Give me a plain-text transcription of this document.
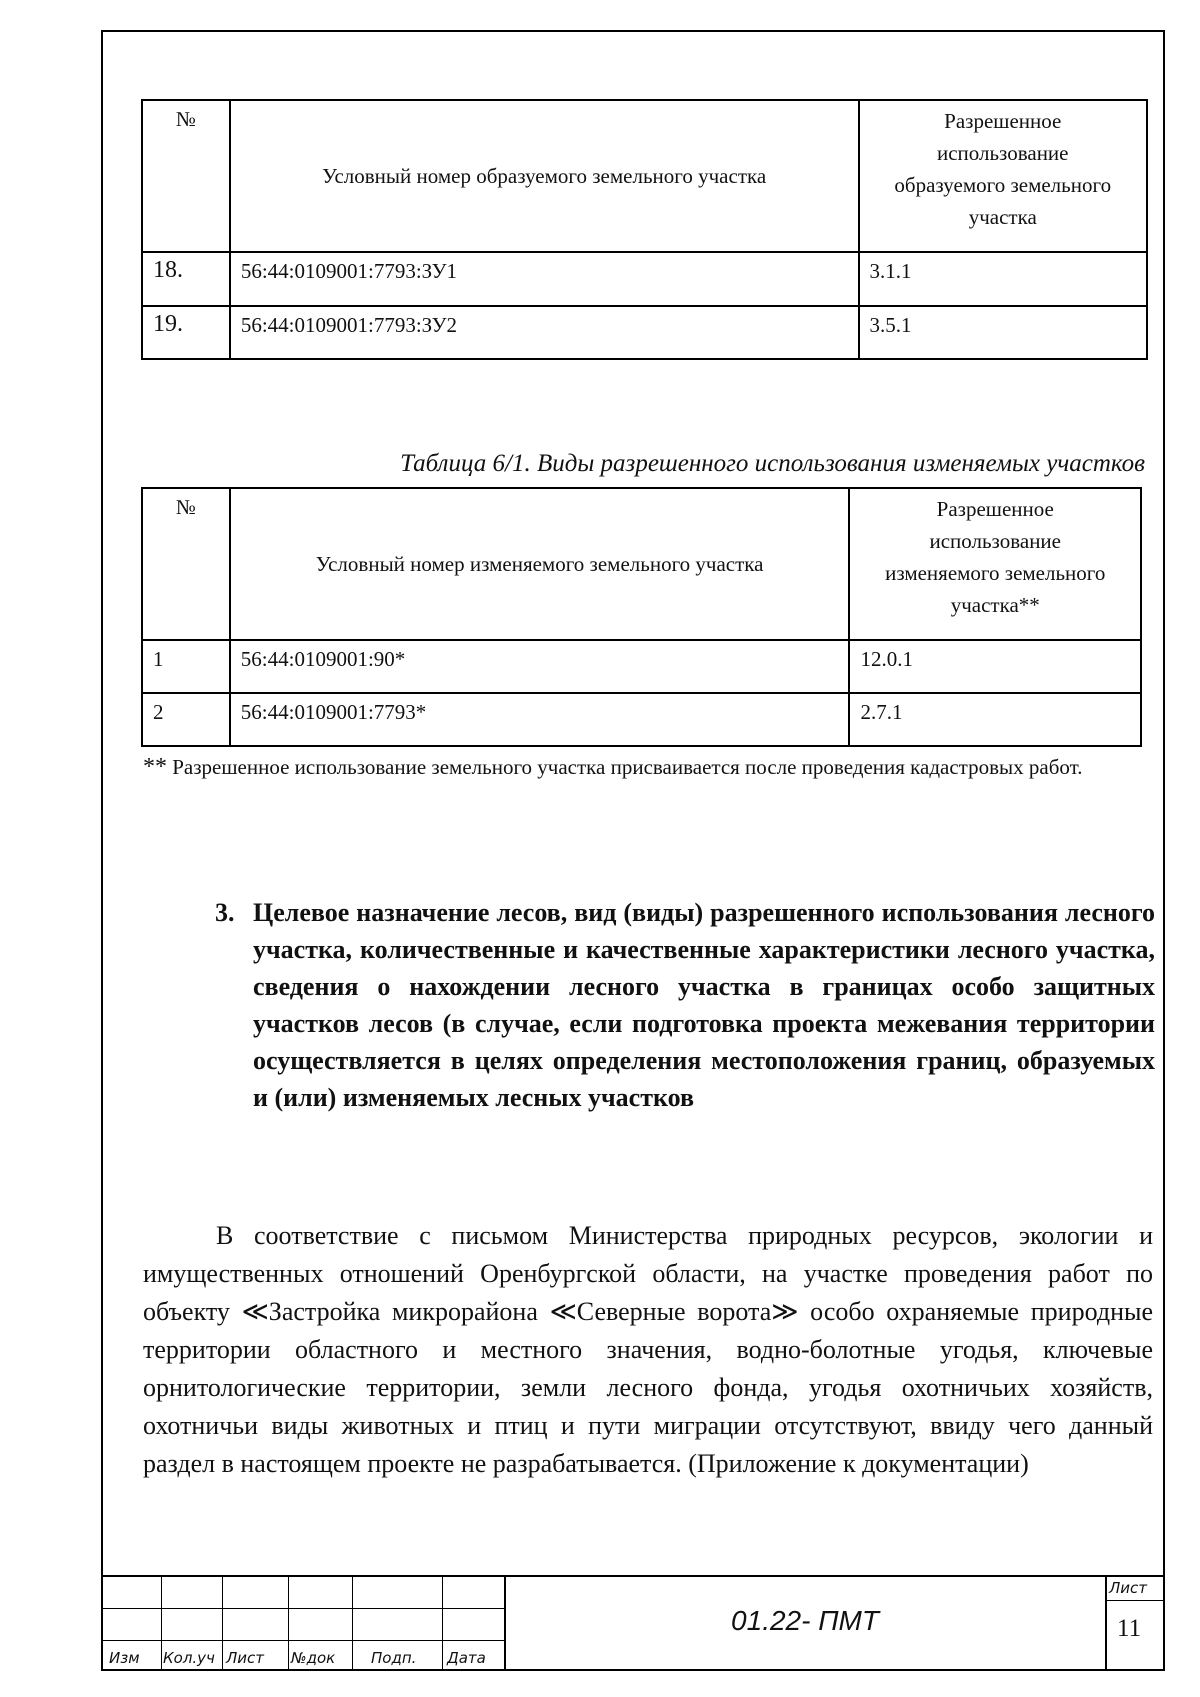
№	Условный номер образуемого земельного участка	Разрешенное
использование
образуемого земельного
участка

18.	56:44:0109001:7793:ЗУ1	3.1.1
19.	56:44:0109001:7793:ЗУ2	3.5.1
Таблица 6/1. Виды разрешенного использования изменяемых участков
№	Условный номер изменяемого земельного участка	Разрешенное
использование
изменяемого земельного
участка**

1	56:44:0109001:90*	12.0.1
2	56:44:0109001:7793*	2.7.1
** Разрешенное использование земельного участка присваивается после проведения кадастровых работ.
3. Целевое назначение лесов, вид (виды) разрешенного использования лесного участка, количественные и качественные характеристики лесного участка, сведения о нахождении лесного участка в границах особо защитных участков лесов (в случае, если подготовка проекта межевания территории осуществляется в целях определения местоположения границ, образуемых и (или) изменяемых лесных участков
В соответствие с письмом Министерства природных ресурсов, экологии и имущественных отношений Оренбургской области, на участке проведения работ по объекту ≪Застройка микрорайона ≪Северные ворота≫ особо охраняемые природные территории областного и местного значения, водно-болотные угодья, ключевые орнитологические территории, земли лесного фонда, угодья охотничьих хозяйств, охотничьи виды животных и птиц и пути миграции отсутствуют, ввиду чего данный раздел в настоящем проекте не разрабатывается. (Приложение к документации)
Изм Кол.уч Лист №док Подп. Дата
01.22- ПМТ
Лист
11
